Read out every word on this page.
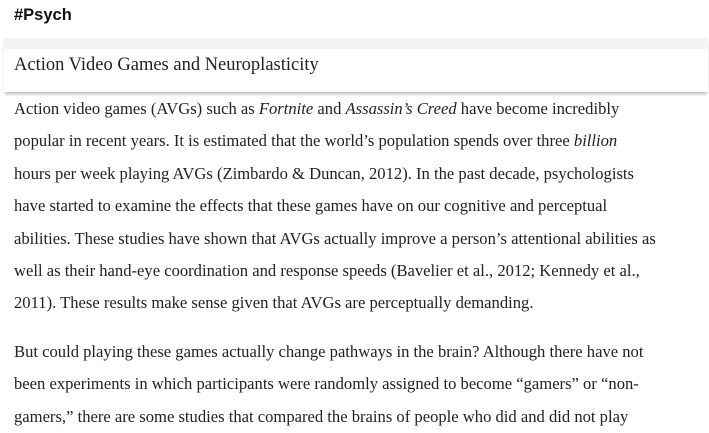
#Psych
Action Video Games and Neuroplasticity
Action video games (AVGs) such as Fortnite and Assassin’s Creed have become incredibly
popular in recent years. It is estimated that the world’s population spends over three billion
hours per week playing AVGs (Zimbardo & Duncan, 2012). In the past decade, psychologists
have started to examine the effects that these games have on our cognitive and perceptual
abilities. These studies have shown that AVGs actually improve a person’s attentional abilities as
well as their hand-eye coordination and response speeds (Bavelier et al., 2012; Kennedy et al.,
2011). These results make sense given that AVGs are perceptually demanding.
But could playing these games actually change pathways in the brain? Although there have not
been experiments in which participants were randomly assigned to become “gamers” or “non-
gamers,” there are some studies that compared the brains of people who did and did not play
